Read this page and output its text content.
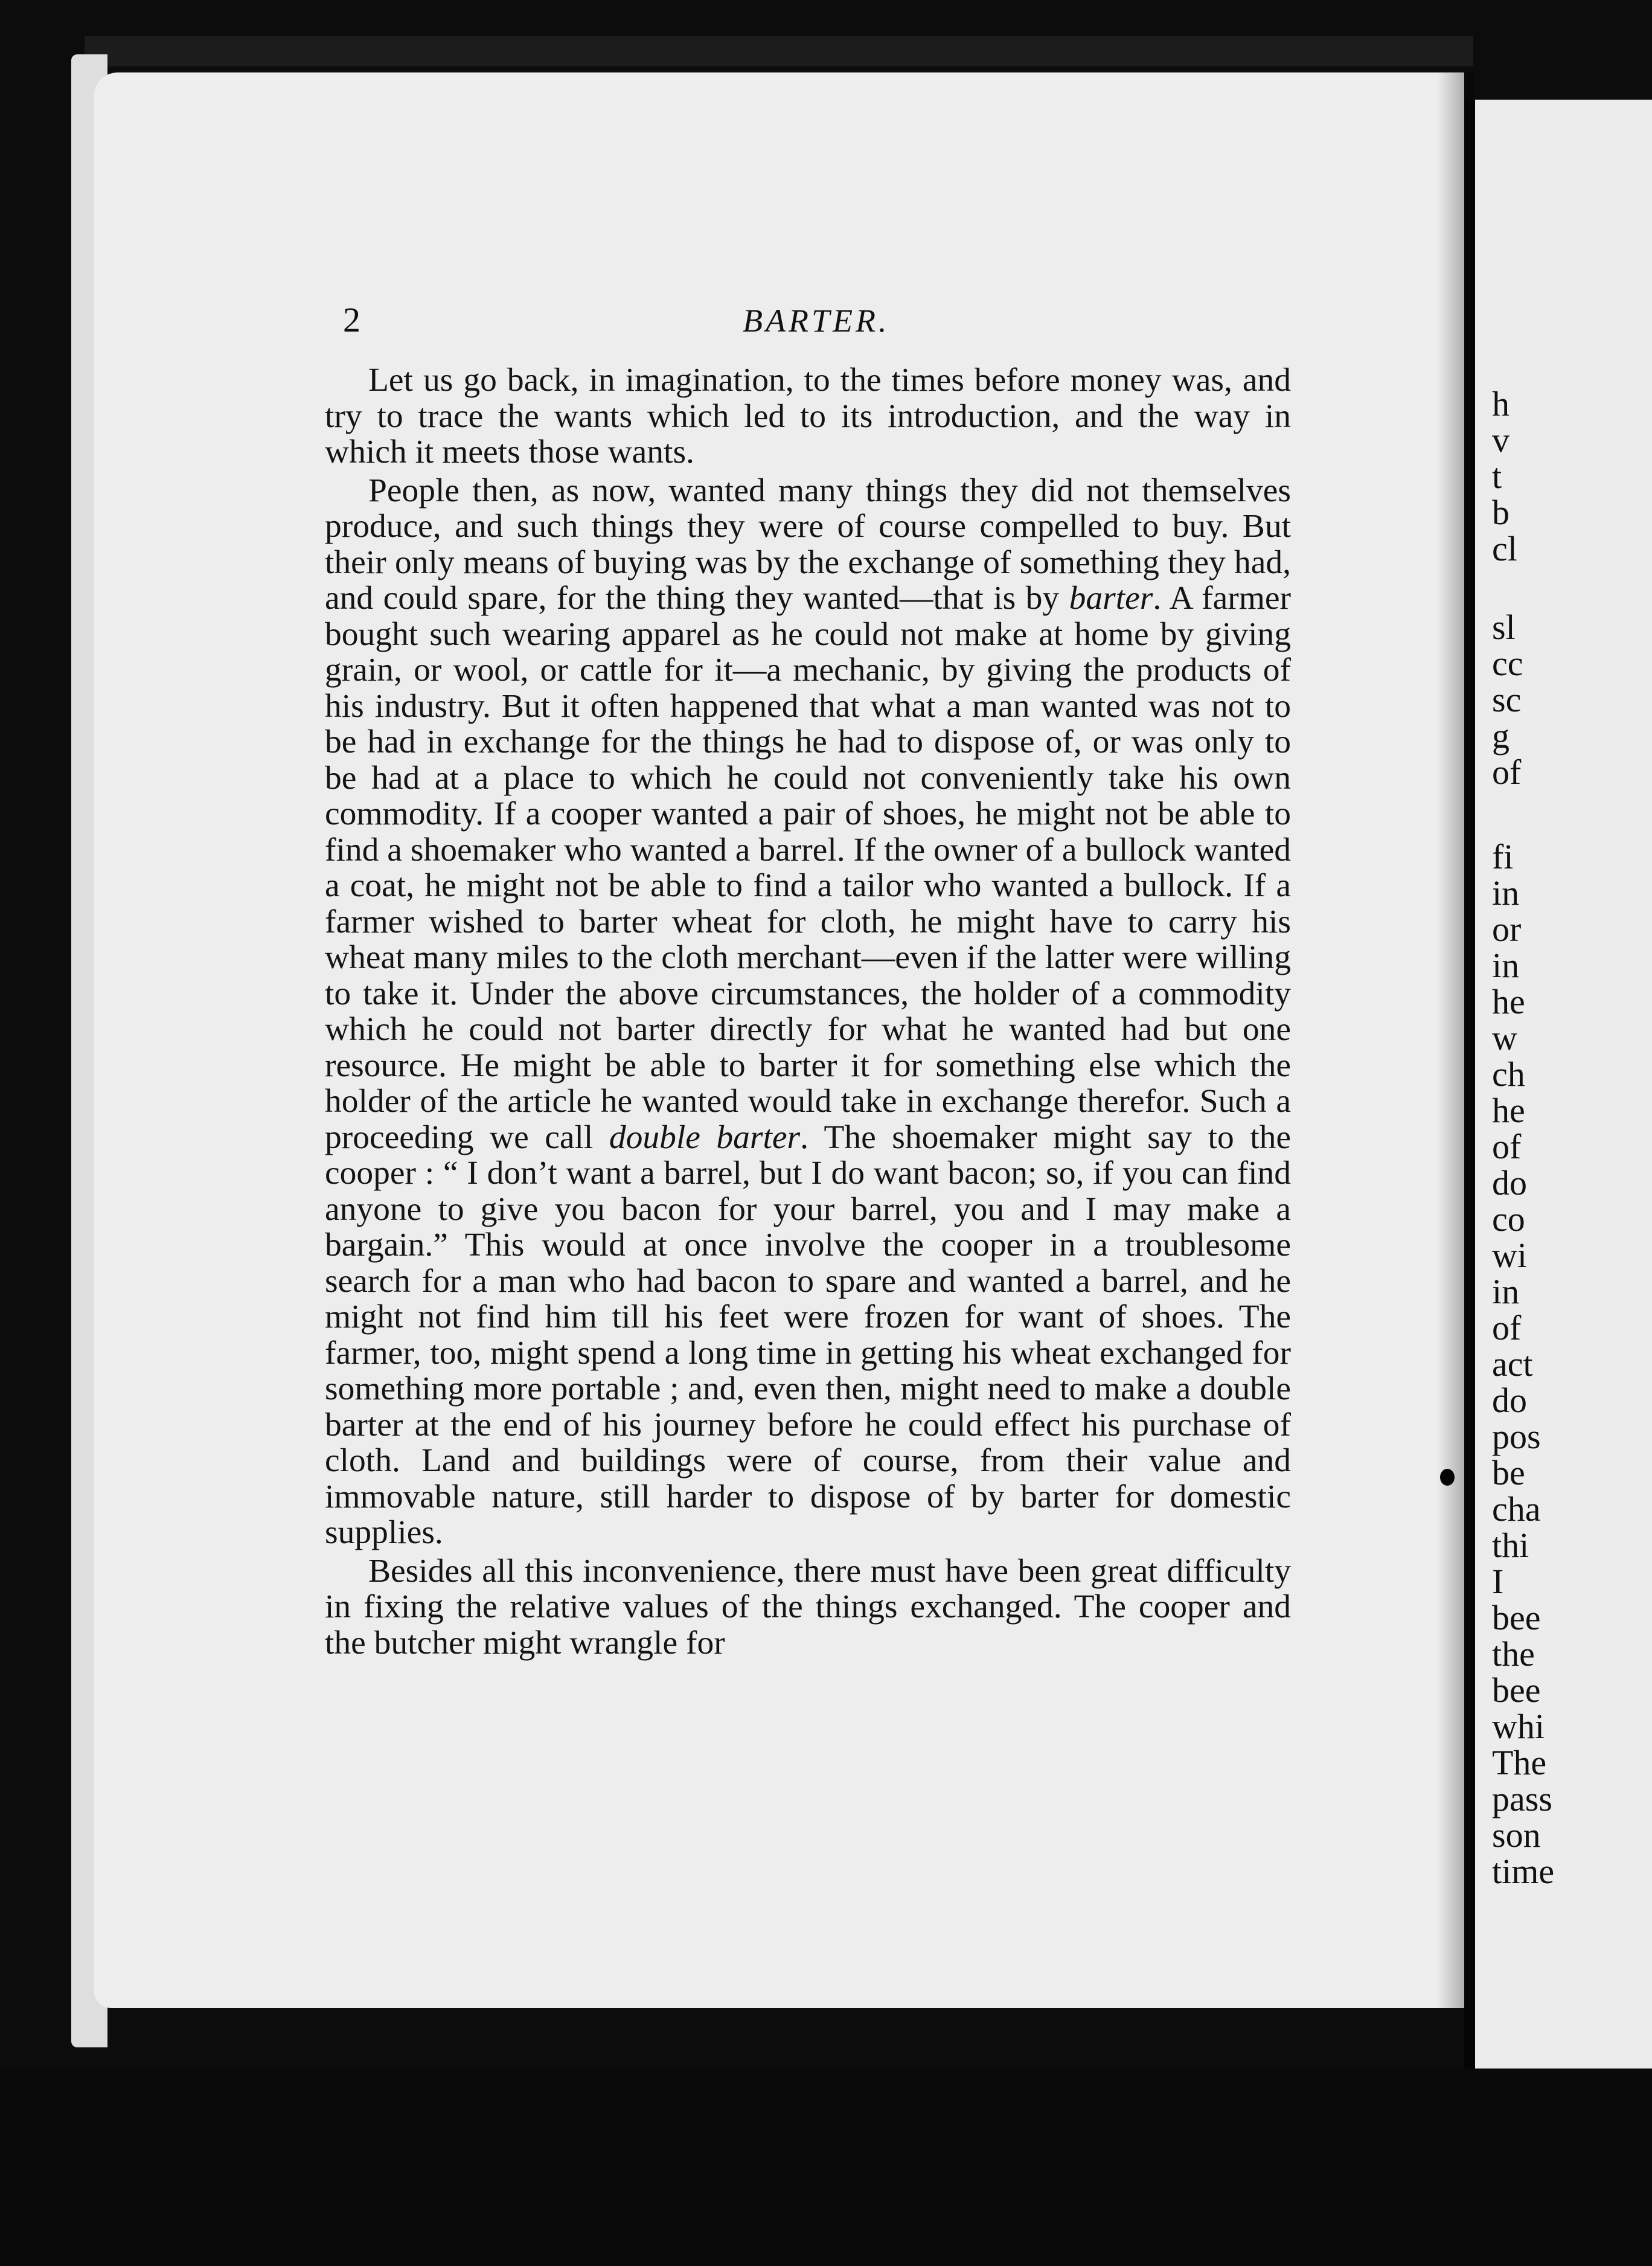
2	BARTER.

Let us go back, in imagination, to the times before money was, and try to trace the wants which led to its introduction, and the way in which it meets those wants.

People then, as now, wanted many things they did not themselves produce, and such things they were of course compelled to buy. But their only means of buying was by the exchange of something they had, and could spare, for the thing they wanted—that is by barter. A farmer bought such wearing apparel as he could not make at home by giving grain, or wool, or cattle for it—a mechanic, by giving the products of his industry. But it often happened that what a man wanted was not to be had in exchange for the things he had to dispose of, or was only to be had at a place to which he could not conveniently take his own commodity. If a cooper wanted a pair of shoes, he might not be able to find a shoemaker who wanted a barrel. If the owner of a bullock wanted a coat, he might not be able to find a tailor who wanted a bullock. If a farmer wished to barter wheat for cloth, he might have to carry his wheat many miles to the cloth merchant—even if the latter were willing to take it. Under the above circumstances, the holder of a commodity which he could not barter directly for what he wanted had but one resource. He might be able to barter it for something else which the holder of the article he wanted would take in exchange therefor. Such a proceeding we call double barter. The shoemaker might say to the cooper : “ I don’t want a barrel, but I do want bacon; so, if you can find anyone to give you bacon for your barrel, you and I may make a bargain.” This would at once involve the cooper in a troublesome search for a man who had bacon to spare and wanted a barrel, and he might not find him till his feet were frozen for want of shoes. The farmer, too, might spend a long time in getting his wheat exchanged for something more portable ; and, even then, might need to make a double barter at the end of his journey before he could effect his purchase of cloth. Land and buildings were of course, from their value and immovable nature, still harder to dispose of by barter for domestic supplies.

Besides all this inconvenience, there must have been great difficulty in fixing the relative values of the things exchanged. The cooper and the butcher might wrangle for

h
v
t
b
cl
sl
cc
sc
g
of
fi
in
or
in
he
w
ch
he
of
do
co
wi
in
of
act
do
pos
be
cha
thi
I
bee
the
bee
whi
The
pass
son
time
